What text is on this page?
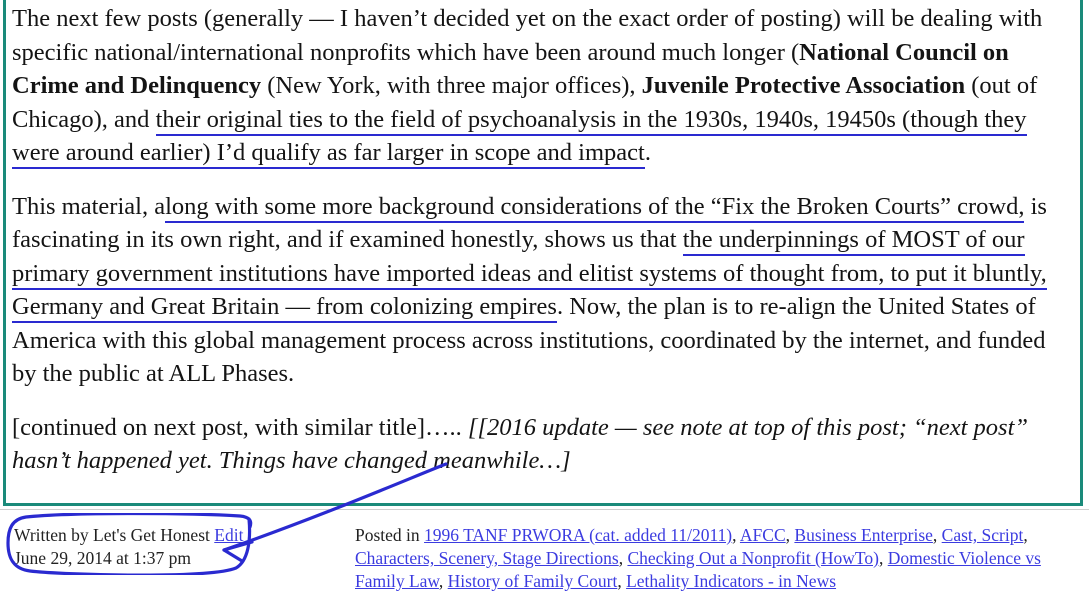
The next few posts (generally — I haven’t decided yet on the exact order of posting) will be dealing with specific national/international nonprofits which have been around much longer (National Council on Crime and Delinquency (New York, with three major offices), Juvenile Protective Association (out of Chicago), and their original ties to the field of psychoanalysis in the 1930s, 1940s, 19450s (though they were around earlier) I’d qualify as far larger in scope and impact.

This material, along with some more background considerations of the “Fix the Broken Courts” crowd, is fascinating in its own right, and if examined honestly, shows us that the underpinnings of MOST of our primary government institutions have imported ideas and elitist systems of thought from, to put it bluntly, Germany and Great Britain — from colonizing empires. Now, the plan is to re-align the United States of America with this global management process across institutions, coordinated by the internet, and funded by the public at ALL Phases.

[continued on next post, with similar title]….. [[2016 update — see note at top of this post; “next post” hasn’t happened yet. Things have changed meanwhile…]

Written by Let's Get Honest Edit
June 29, 2014 at 1:37 pm
Posted in 1996 TANF PRWORA (cat. added 11/2011), AFCC, Business Enterprise, Cast, Script, Characters, Scenery, Stage Directions, Checking Out a Nonprofit (HowTo), Domestic Violence vs Family Law, History of Family Court, Lethality Indicators - in News
